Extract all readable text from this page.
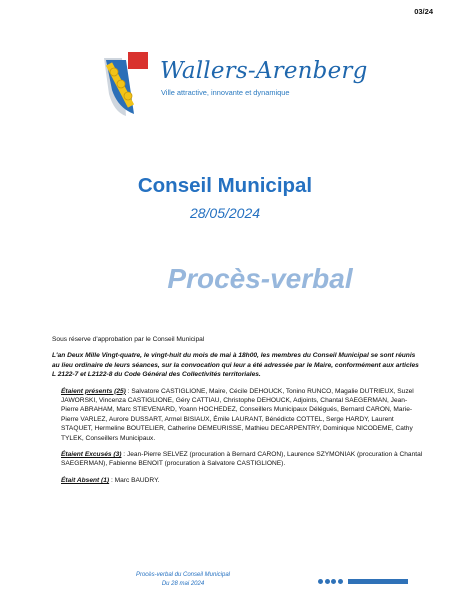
03/24
Wallers-Arenberg
Ville attractive, innovante et dynamique
Conseil Municipal
28/05/2024
Procès-verbal

Sous réserve d'approbation par le Conseil Municipal

L'an Deux Mille Vingt-quatre, le vingt-huit du mois de mai à 18h00, les membres du Conseil Municipal se sont réunis au lieu ordinaire de leurs séances, sur la convocation qui leur a été adressée par le Maire, conformément aux articles L 2122-7 et L2122-8 du Code Général des Collectivités territoriales.

Étaient présents (25) : Salvatore CASTIGLIONE, Maire, Cécile DEHOUCK, Tonino RUNCO, Magalie DUTRIEUX, Suzel JAWORSKI, Vincenza CASTIGLIONE, Géry CATTIAU, Christophe DEHOUCK, Adjoints, Chantal SAEGERMAN, Jean-Pierre ABRAHAM, Marc STIEVENARD, Yoann HOCHEDEZ, Conseillers Municipaux Délégués, Bernard CARON, Marie-Pierre VARLEZ, Aurore DUSSART, Armel BISIAUX, Émile LAURANT, Bénédicte COTTEL, Serge HARDY, Laurent STAQUET, Hermeline BOUTELIER, Catherine DEMEURISSE, Mathieu DECARPENTRY, Dominique NICODEME, Cathy TYLEK, Conseillers Municipaux.

Étaient Excusés (3) : Jean-Pierre SELVEZ (procuration à Bernard CARON), Laurence SZYMONIAK (procuration à Chantal SAEGERMAN), Fabienne BENOIT (procuration à Salvatore CASTIGLIONE).

Était Absent (1) : Marc BAUDRY.

Procès-verbal du Conseil Municipal
Du 28 mai 2024
